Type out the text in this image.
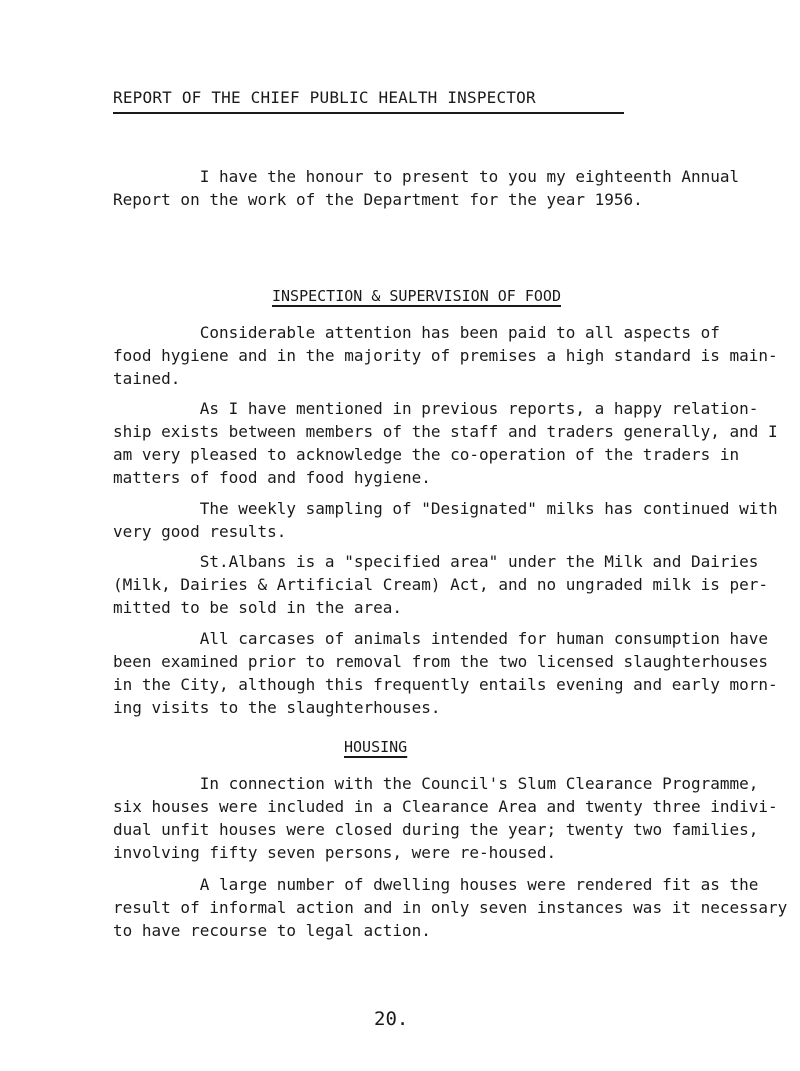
REPORT OF THE CHIEF PUBLIC HEALTH INSPECTOR
I have the honour to present to you my eighteenth Annual
Report on the work of the Department for the year 1956.
INSPECTION & SUPERVISION OF FOOD
Considerable attention has been paid to all aspects of
food hygiene and in the majority of premises a high standard is main-
tained.
As I have mentioned in previous reports, a happy relation-
ship exists between members of the staff and traders generally, and I
am very pleased to acknowledge the co-operation of the traders in
matters of food and food hygiene.
The weekly sampling of "Designated" milks has continued with
very good results.
St.Albans is a "specified area" under the Milk and Dairies
(Milk, Dairies & Artificial Cream) Act, and no ungraded milk is per-
mitted to be sold in the area.
All carcases of animals intended for human consumption have
been examined prior to removal from the two licensed slaughterhouses
in the City, although this frequently entails evening and early morn-
ing visits to the slaughterhouses.
HOUSING
In connection with the Council's Slum Clearance Programme,
six houses were included in a Clearance Area and twenty three indivi-
dual unfit houses were closed during the year; twenty two families,
involving fifty seven persons, were re-housed.
A large number of dwelling houses were rendered fit as the
result of informal action and in only seven instances was it necessary
to have recourse to legal action.
20.
